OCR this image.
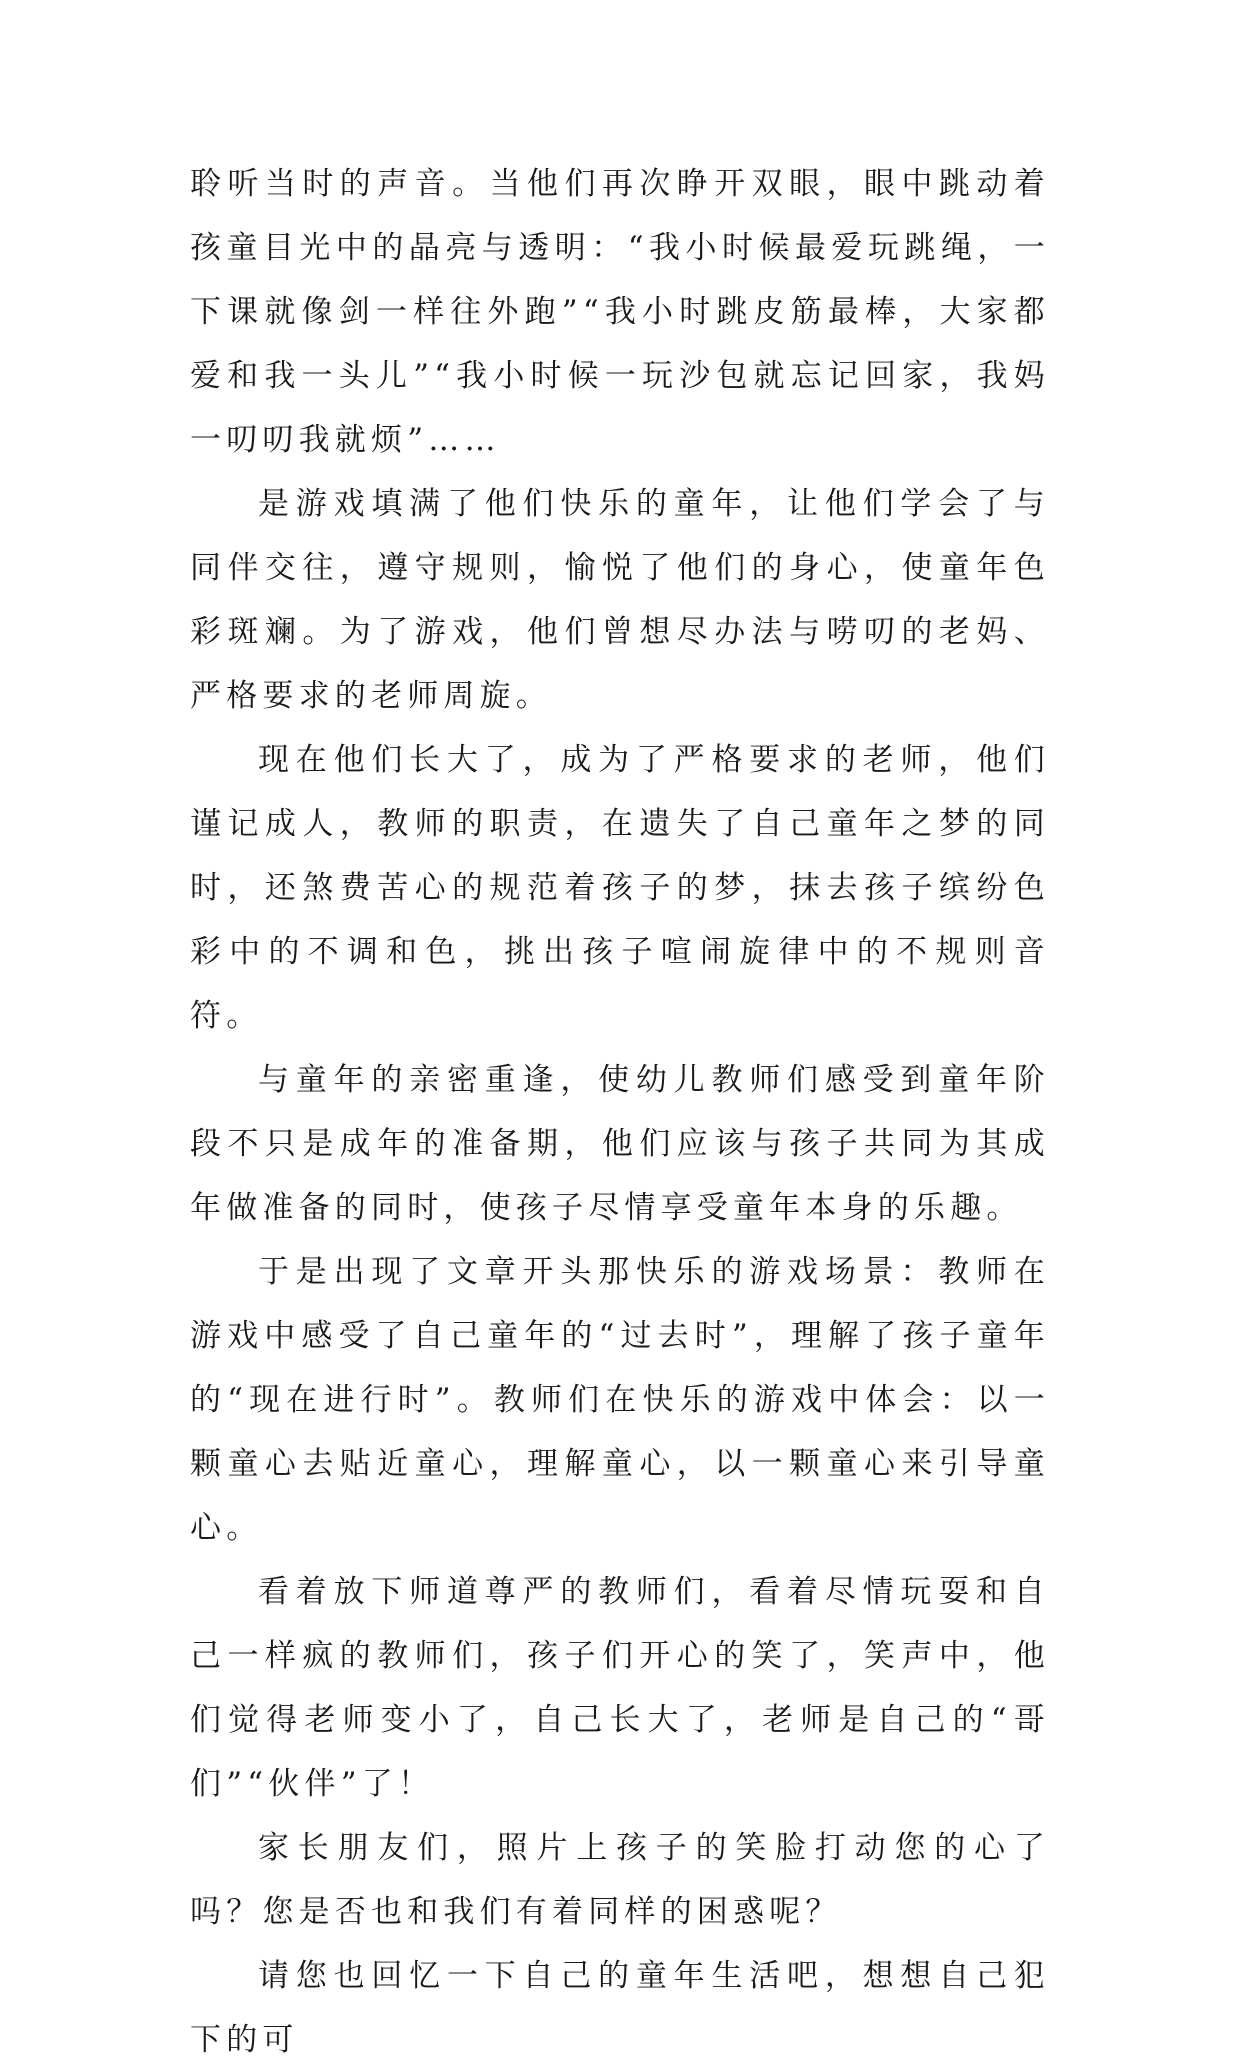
聆听当时的声音。当他们再次睁开双眼，眼中跳动着孩童目光中的晶亮与透明：“我小时候最爱玩跳绳，一下课就像剑一样往外跑”“我小时跳皮筋最棒，大家都爱和我一头儿”“我小时候一玩沙包就忘记回家，我妈一叨叨我就烦”……

是游戏填满了他们快乐的童年，让他们学会了与同伴交往，遵守规则，愉悦了他们的身心，使童年色彩斑斓。为了游戏，他们曾想尽办法与唠叨的老妈、严格要求的老师周旋。

现在他们长大了，成为了严格要求的老师，他们谨记成人，教师的职责，在遗失了自己童年之梦的同时，还煞费苦心的规范着孩子的梦，抹去孩子缤纷色彩中的不调和色，挑出孩子喧闹旋律中的不规则音符。

与童年的亲密重逢，使幼儿教师们感受到童年阶段不只是成年的准备期，他们应该与孩子共同为其成年做准备的同时，使孩子尽情享受童年本身的乐趣。

于是出现了文章开头那快乐的游戏场景：教师在游戏中感受了自己童年的“过去时”，理解了孩子童年的“现在进行时”。教师们在快乐的游戏中体会：以一颗童心去贴近童心，理解童心，以一颗童心来引导童心。

看着放下师道尊严的教师们，看着尽情玩耍和自己一样疯的教师们，孩子们开心的笑了，笑声中，他们觉得老师变小了，自己长大了，老师是自己的“哥们”“伙伴”了！

家长朋友们，照片上孩子的笑脸打动您的心了吗？您是否也和我们有着同样的困惑呢？

请您也回忆一下自己的童年生活吧，想想自己犯下的可
